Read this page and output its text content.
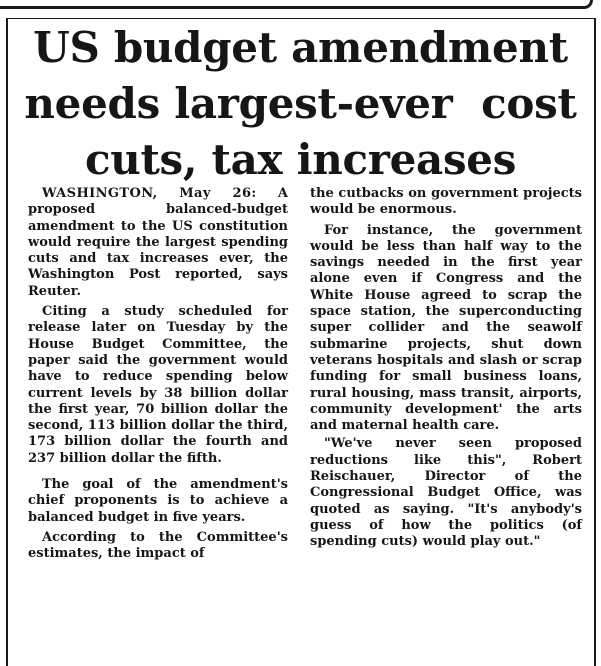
US budget amendment
needs largest-ever  cost
cuts, tax increases

WASHINGTON, May 26: A proposed balanced-budget amendment to the US constitution would require the largest spending cuts and tax increases ever, the Washington Post reported, says Reuter.

Citing a study scheduled for release later on Tuesday by the House Budget Committee, the paper said the government would have to reduce spending below current levels by 38 billion dollar the first year, 70 billion dollar the second, 113 billion dollar the third, 173 billion dollar the fourth and 237 billion dollar the fifth.

The goal of the amendment's chief proponents is to achieve a balanced budget in five years.

According to the Committee's estimates, the impact of

the cutbacks on government projects would be enormous.

For instance, the government would be less than half way to the savings needed in the first year alone even if Congress and the White House agreed to scrap the space station, the superconducting super collider and the seawolf submarine projects, shut down veterans hospitals and slash or scrap funding for small business loans, rural housing, mass transit, airports, community development' the arts and maternal health care.

"We've never seen proposed reductions like this", Robert Reischauer, Director of the Congressional Budget Office, was quoted as saying. "It's anybody's guess of how the politics (of spending cuts) would play out."
